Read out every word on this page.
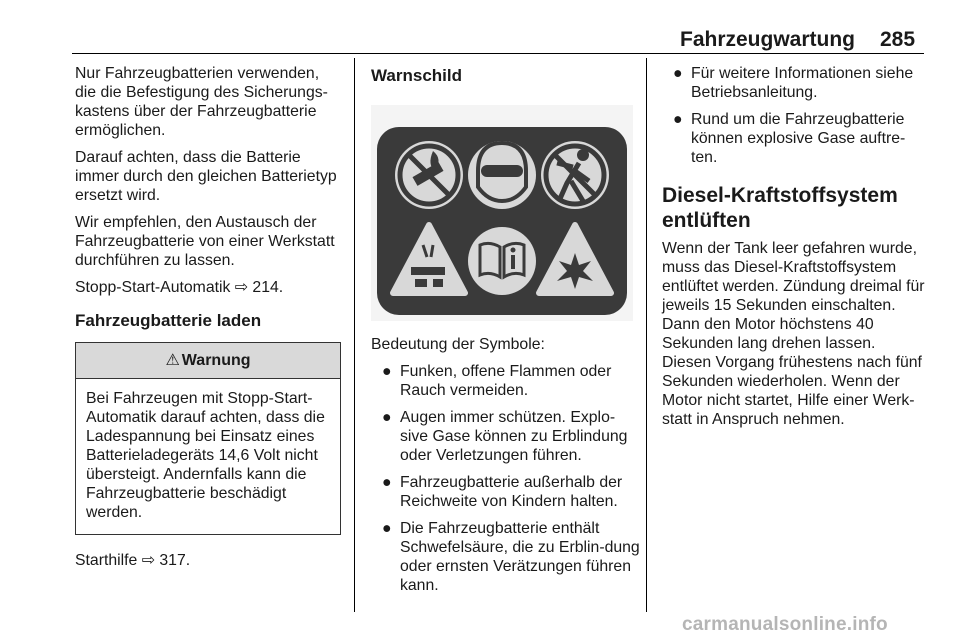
Fahrzeugwartung 285

Nur Fahrzeugbatterien verwenden, die die Befestigung des Sicherungs-kastens über der Fahrzeugbatterie ermöglichen.

Darauf achten, dass die Batterie immer durch den gleichen Batterietyp ersetzt wird.

Wir empfehlen, den Austausch der Fahrzeugbatterie von einer Werkstatt durchführen zu lassen.

Stopp-Start-Automatik ⇨ 214.

Fahrzeugbatterie laden
⚠ Warnung
Bei Fahrzeugen mit Stopp-Start-Automatik darauf achten, dass die Ladespannung bei Einsatz eines Batterieladegeräts 14,6 Volt nicht übersteigt. Andernfalls kann die Fahrzeugbatterie beschädigt werden.

Starthilfe ⇨ 317.

Warnschild

Bedeutung der Symbole:

● Funken, offene Flammen oder Rauch vermeiden.
● Augen immer schützen. Explo-sive Gase können zu Erblindung oder Verletzungen führen.
● Fahrzeugbatterie außerhalb der Reichweite von Kindern halten.
● Die Fahrzeugbatterie enthält Schwefelsäure, die zu Erblin-dung oder ernsten Verätzungen führen kann.
● Für weitere Informationen siehe Betriebsanleitung.
● Rund um die Fahrzeugbatterie können explosive Gase auftre-ten.
Diesel-Kraftstoffsystem entlüften

Wenn der Tank leer gefahren wurde, muss das Diesel-Kraftstoffsystem entlüftet werden. Zündung dreimal für jeweils 15 Sekunden einschalten. Dann den Motor höchstens 40 Sekunden lang drehen lassen. Diesen Vorgang frühestens nach fünf Sekunden wiederholen. Wenn der Motor nicht startet, Hilfe einer Werk-statt in Anspruch nehmen.

carmanualsonline.info
